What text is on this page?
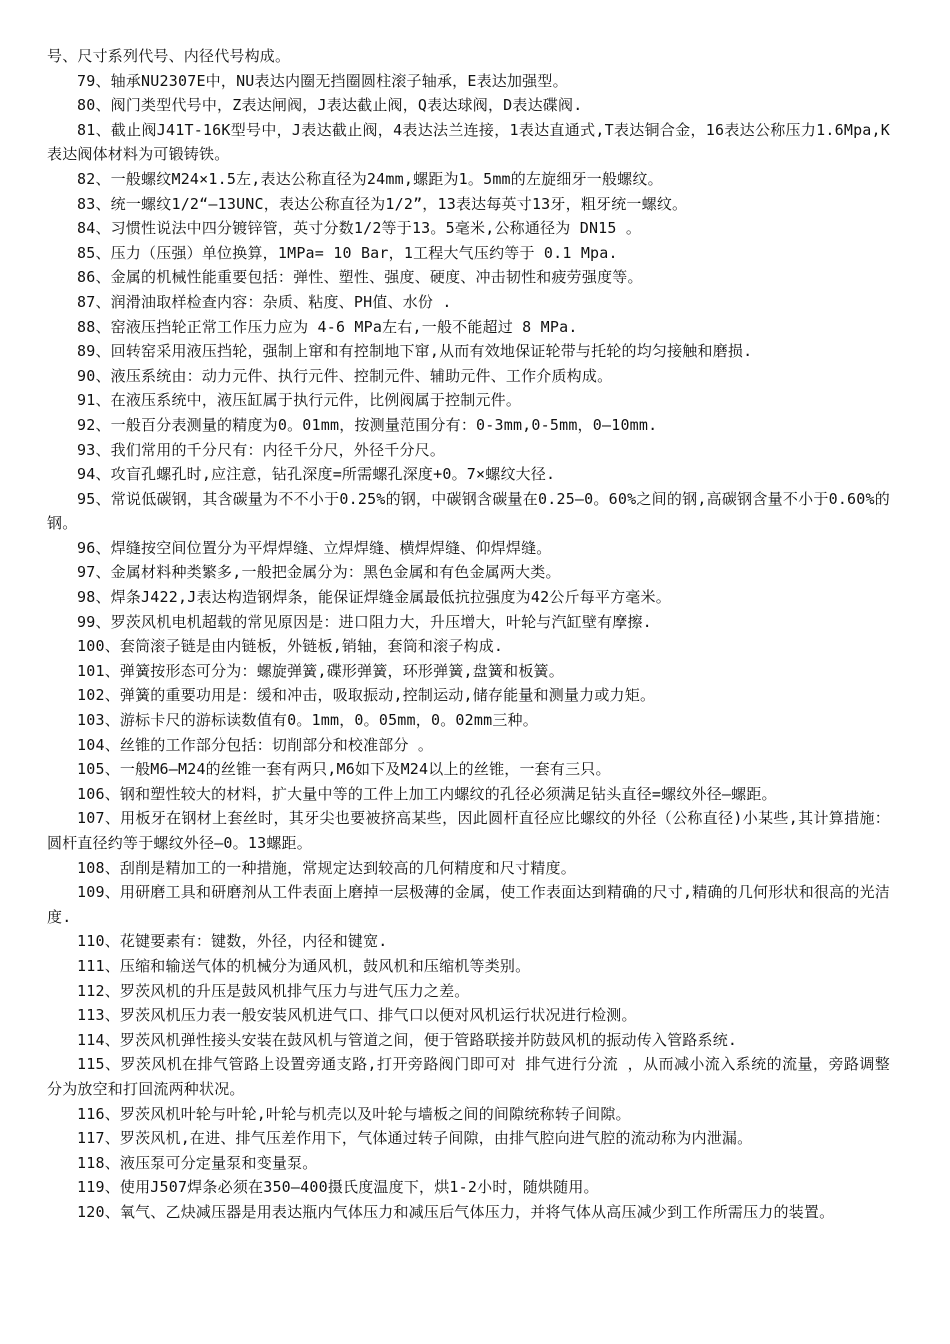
号、尺寸系列代号、内径代号构成。

79、轴承NU2307E中，NU表达内圈无挡圈圆柱滚子轴承，E表达加强型。

80、阀门类型代号中，Z表达闸阀，J表达截止阀，Q表达球阀，D表达碟阀.

81、截止阀J41T-16K型号中，J表达截止阀，4表达法兰连接，1表达直通式,T表达铜合金，16表达公称压力1.6Mpa,K表达阀体材料为可锻铸铁。

82、一般螺纹M24×1.5左,表达公称直径为24mm,螺距为1。5mm的左旋细牙一般螺纹。

83、统一螺纹1/2“—13UNC，表达公称直径为1/2”，13表达每英寸13牙，粗牙统一螺纹。

84、习惯性说法中四分镀锌管，英寸分数1/2等于13。5毫米,公称通径为 DN15 。

85、压力（压强）单位换算，1MPa= 10 Bar，1工程大气压约等于 0.1 Mpa.

86、金属的机械性能重要包括：弹性、塑性、强度、硬度、冲击韧性和疲劳强度等。

87、润滑油取样检查内容：杂质、粘度、PH值、水份 .

88、窑液压挡轮正常工作压力应为 4-6 MPa左右,一般不能超过 8 MPa.

89、回转窑采用液压挡轮，强制上窜和有控制地下窜,从而有效地保证轮带与托轮的均匀接触和磨损.

90、液压系统由：动力元件、执行元件、控制元件、辅助元件、工作介质构成。

91、在液压系统中，液压缸属于执行元件，比例阀属于控制元件。

92、一般百分表测量的精度为0。01mm，按测量范围分有：0-3mm,0-5mm，0—10mm.

93、我们常用的千分尺有：内径千分尺，外径千分尺。

94、攻盲孔螺孔时,应注意，钻孔深度=所需螺孔深度+0。7×螺纹大径.

95、常说低碳钢，其含碳量为不不小于0.25%的钢，中碳钢含碳量在0.25—0。60%之间的钢,高碳钢含量不小于0.60%的钢。

96、焊缝按空间位置分为平焊焊缝、立焊焊缝、横焊焊缝、仰焊焊缝。

97、金属材料种类繁多,一般把金属分为：黑色金属和有色金属两大类。

98、焊条J422,J表达构造钢焊条，能保证焊缝金属最低抗拉强度为42公斤每平方毫米。

99、罗茨风机电机超载的常见原因是：进口阻力大，升压增大，叶轮与汽缸壁有摩擦.

100、套筒滚子链是由内链板，外链板,销轴，套筒和滚子构成.

101、弹簧按形态可分为：螺旋弹簧,碟形弹簧，环形弹簧,盘簧和板簧。

102、弹簧的重要功用是：缓和冲击，吸取振动,控制运动,储存能量和测量力或力矩。

103、游标卡尺的游标读数值有0。1mm，0。05mm，0。02mm三种。

104、丝锥的工作部分包括：切削部分和校准部分 。

105、一般M6—M24的丝锥一套有两只,M6如下及M24以上的丝锥，一套有三只。

106、钢和塑性较大的材料，扩大量中等的工件上加工内螺纹的孔径必须满足钻头直径=螺纹外径—螺距。

107、用板牙在钢材上套丝时，其牙尖也要被挤高某些，因此圆杆直径应比螺纹的外径（公称直径)小某些,其计算措施：圆杆直径约等于螺纹外径—0。13螺距。

108、刮削是精加工的一种措施，常规定达到较高的几何精度和尺寸精度。

109、用研磨工具和研磨剂从工件表面上磨掉一层极薄的金属，使工作表面达到精确的尺寸,精确的几何形状和很高的光洁度.

110、花键要素有：键数，外径，内径和键宽.

111、压缩和输送气体的机械分为通风机，鼓风机和压缩机等类别。

112、罗茨风机的升压是鼓风机排气压力与进气压力之差。

113、罗茨风机压力表一般安装风机进气口、排气口以便对风机运行状况进行检测。

114、罗茨风机弹性接头安装在鼓风机与管道之间，便于管路联接并防鼓风机的振动传入管路系统.

115、罗茨风机在排气管路上设置旁通支路,打开旁路阀门即可对 排气进行分流 ，从而减小流入系统的流量，旁路调整分为放空和打回流两种状况。

116、罗茨风机叶轮与叶轮,叶轮与机壳以及叶轮与墙板之间的间隙统称转子间隙。

117、罗茨风机,在进、排气压差作用下，气体通过转子间隙，由排气腔向进气腔的流动称为内泄漏。

118、液压泵可分定量泵和变量泵。

119、使用J507焊条必须在350—400摄氏度温度下，烘1-2小时，随烘随用。

120、氧气、乙炔减压器是用表达瓶内气体压力和减压后气体压力，并将气体从高压减少到工作所需压力的装置。
